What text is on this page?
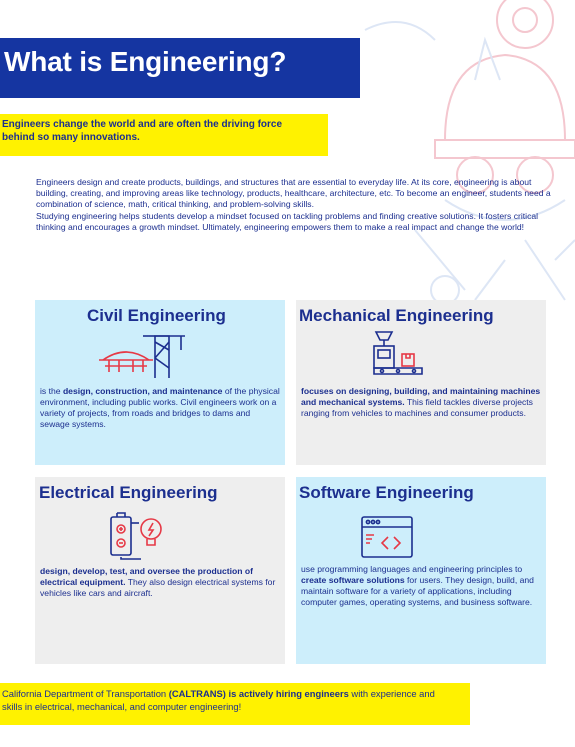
What is Engineering?

Engineers change the world and are often the driving force behind so many innovations.

Engineers design and create products, buildings, and structures that are essential to everyday life. At its core, engineering is about building, creating, and improving areas like technology, products, healthcare, architecture, etc. To become an engineer, students need a combination of science, math, critical thinking, and problem-solving skills.

Studying engineering helps students develop a mindset focused on tackling problems and finding creative solutions. It fosters critical thinking and encourages a growth mindset. Ultimately, engineering empowers them to make a real impact and change the world!

Civil Engineering
is the design, construction, and maintenance of the physical environment, including public works. Civil engineers work on a variety of projects, from roads and bridges to dams and sewage systems.
Mechanical Engineering
focuses on designing, building, and maintaining machines and mechanical systems. This field tackles diverse projects ranging from vehicles to machines and consumer products.
Electrical Engineering
design, develop, test, and oversee the production of electrical equipment. They also design electrical systems for vehicles like cars and aircraft.
Software Engineering
use programming languages and engineering principles to create software solutions for users. They design, build, and maintain software for a variety of applications, including computer games, operating systems, and business software.

California Department of Transportation (CALTRANS) is actively hiring engineers with experience and skills in electrical, mechanical, and computer engineering!
